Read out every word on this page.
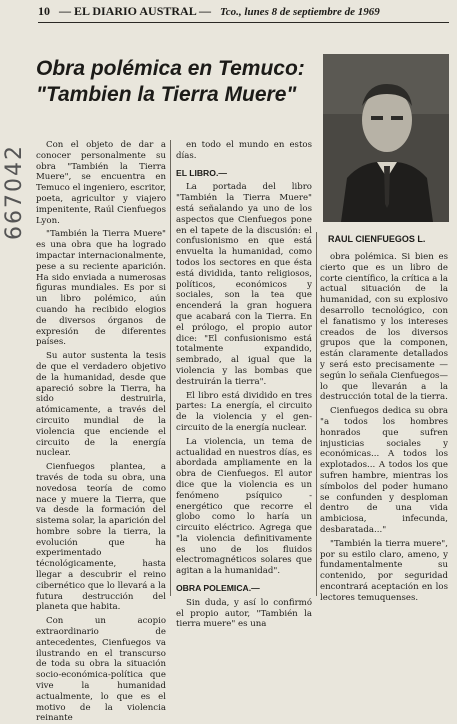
10 — EL DIARIO AUSTRAL — Tco., lunes 8 de septiembre de 1969
667042
Obra polémica en Temuco:
"Tambien la Tierra Muere"
RAUL CIENFUEGOS L.

Con el objeto de dar a conocer personalmente su obra "También la Tierra Muere", se encuentra en Temuco el ingeniero, escritor, poeta, agricultor y viajero impenitente, Raúl Cienfuegos Lyon.

"También la Tierra Muere" es una obra que ha logrado impactar internacionalmente, pese a su reciente aparición. Ha sido enviada a numerosas figuras mundiales. Es por si un libro polémico, aún cuando ha recibido elogios de diversos órganos de expresión de diferentes países.

Su autor sustenta la tesis de que el verdadero objetivo de la humanidad, desde que apareció sobre la Tierra, ha sido destruirla, atómicamente, a través del circuito mundial de la violencia que enciende el circuito de la energía nuclear.

Cienfuegos plantea, a través de toda su obra, una novedosa teoría de como nace y muere la Tierra, que va desde la formación del sistema solar, la aparición del hombre sobre la tierra, la evolución que ha experimentado técnológicamente, hasta llegar a descubrir el reino cibernético que lo llevará a la futura destrucción del planeta que habita.

Con un acopio extraordinario de antecedentes, Cienfuegos va ilustrando en el transcurso de toda su obra la situación socio-económica-política que vive la humanidad actualmente, lo que es el motivo de la violencia reinante

en todo el mundo en estos días.

EL LIBRO.—

La portada del libro "También la Tierra Muere" está señalando ya uno de los aspectos que Cienfuegos pone en el tapete de la discusión: el confusionismo en que está envuelta la humanidad, como todos los sectores en que ésta está dividida, tanto religiosos, políticos, económicos y sociales, son la tea que encenderá la gran hoguera que acabará con la Tierra. En el prólogo, el propio autor dice: "El confusionismo está totalmente expandido, sembrado, al igual que la violencia y las bombas que destruirán la tierra".

El libro está dividido en tres partes: La energía, el circuito de la violencia y el gen-circuito de la energía nuclear.

La violencia, un tema de actualidad en nuestros días, es abordada ampliamente en la obra de Cienfuegos. El autor dice que la violencia es un fenómeno psíquico - energético que recorre el globo como lo haría un circuito eléctrico. Agrega que "la violencia definitivamente es uno de los fluidos electromagnéticos solares que agitan a la humanidad".

OBRA POLEMICA.—

Sin duda, y así lo confirmó el propio autor, "También la tierra muere" es una

obra polémica. Si bien es cierto que es un libro de corte científico, la crítica a la actual situación de la humanidad, con su explosivo desarrollo tecnológico, con el fanatismo y los intereses creados de los diversos grupos que la componen, están claramente detallados y será esto precisamente —según lo señala Cienfuegos— lo que llevarán a la destrucción total de la tierra.

Cienfuegos dedica su obra "a todos los hombres honrados que sufren injusticias sociales y económicas... A todos los explotados... A todos los que sufren hambre, mientras los símbolos del poder humano se confunden y desploman dentro de una vida ambiciosa, infecunda, desbaratada..."

"También la tierra muere", por su estilo claro, ameno, y fundamentalmente su contenido, por seguridad encontrará aceptación en los lectores temuquenses.
